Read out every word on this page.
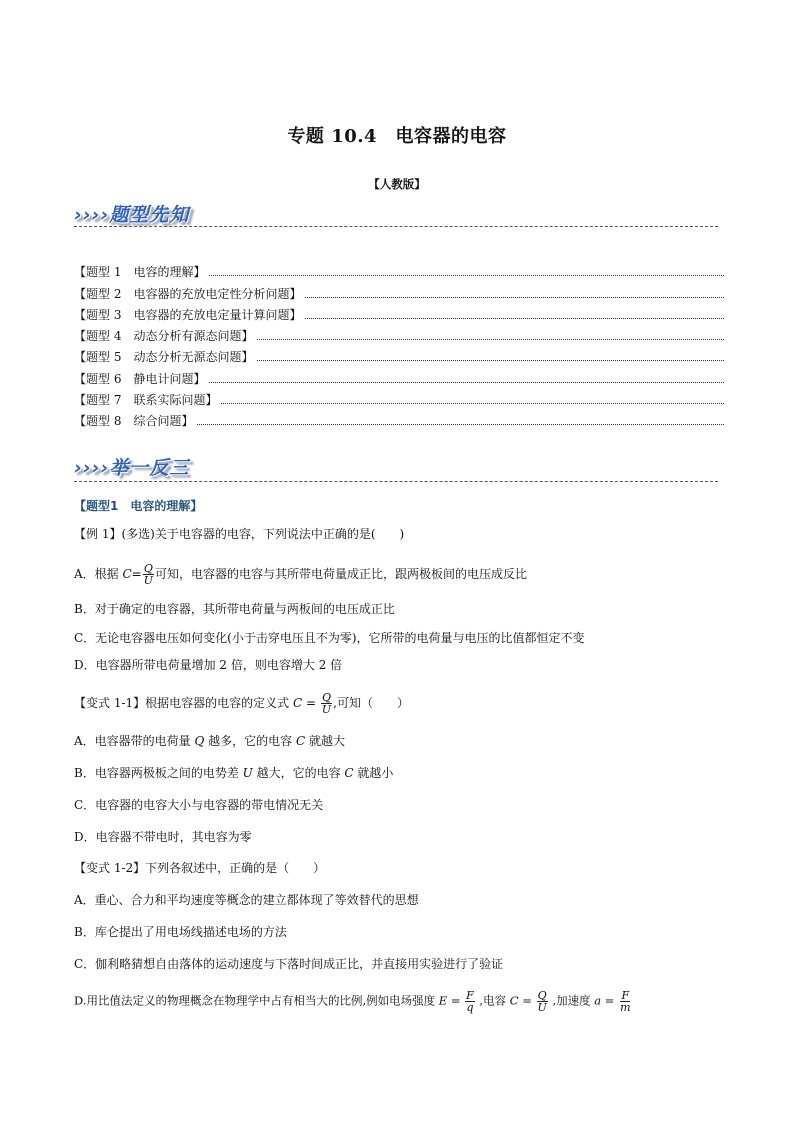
专题 10.4　电容器的电容
【人教版】
››››题型先知
【题型 1　电容的理解】
【题型 2　电容器的充放电定性分析问题】
【题型 3　电容器的充放电定量计算问题】
【题型 4　动态分析有源态问题】
【题型 5　动态分析无源态问题】
【题型 6　静电计问题】
【题型 7　联系实际问题】
【题型 8　综合问题】
››››举一反三
【题型1　电容的理解】
【例 1】(多选)关于电容器的电容，下列说法中正确的是(　　)
A．根据 $C= \frac{Q}{U}$ 可知，电容器的电容与其所带电荷量成正比，跟两极板间的电压成反比
B．对于确定的电容器，其所带电荷量与两板间的电压成正比
C．无论电容器电压如何变化(小于击穿电压且不为零)，它所带的电荷量与电压的比值都恒定不变
D．电容器所带电荷量增加 2 倍，则电容增大 2 倍
【变式 1-1】根据电容器的电容的定义式 $C = \frac{Q}{U}$ ,可知（　　）
A．电容器带的电荷量 Q 越多，它的电容 C 就越大
B．电容器两极板之间的电势差 U 越大，它的电容 C 就越小
C．电容器的电容大小与电容器的带电情况无关
D．电容器不带电时，其电容为零
【变式 1-2】下列各叙述中，正确的是（　　）
A．重心、合力和平均速度等概念的建立都体现了等效替代的思想
B．库仑提出了用电场线描述电场的方法
C．伽利略猜想自由落体的运动速度与下落时间成正比，并直接用实验进行了验证
D.用比值法定义的物理概念在物理学中占有相当大的比例,例如电场强度 $E = \frac{F}{q}$ ,电容 $C = \frac{Q}{U}$ ,加速度 $a = \frac{F}{m}$
